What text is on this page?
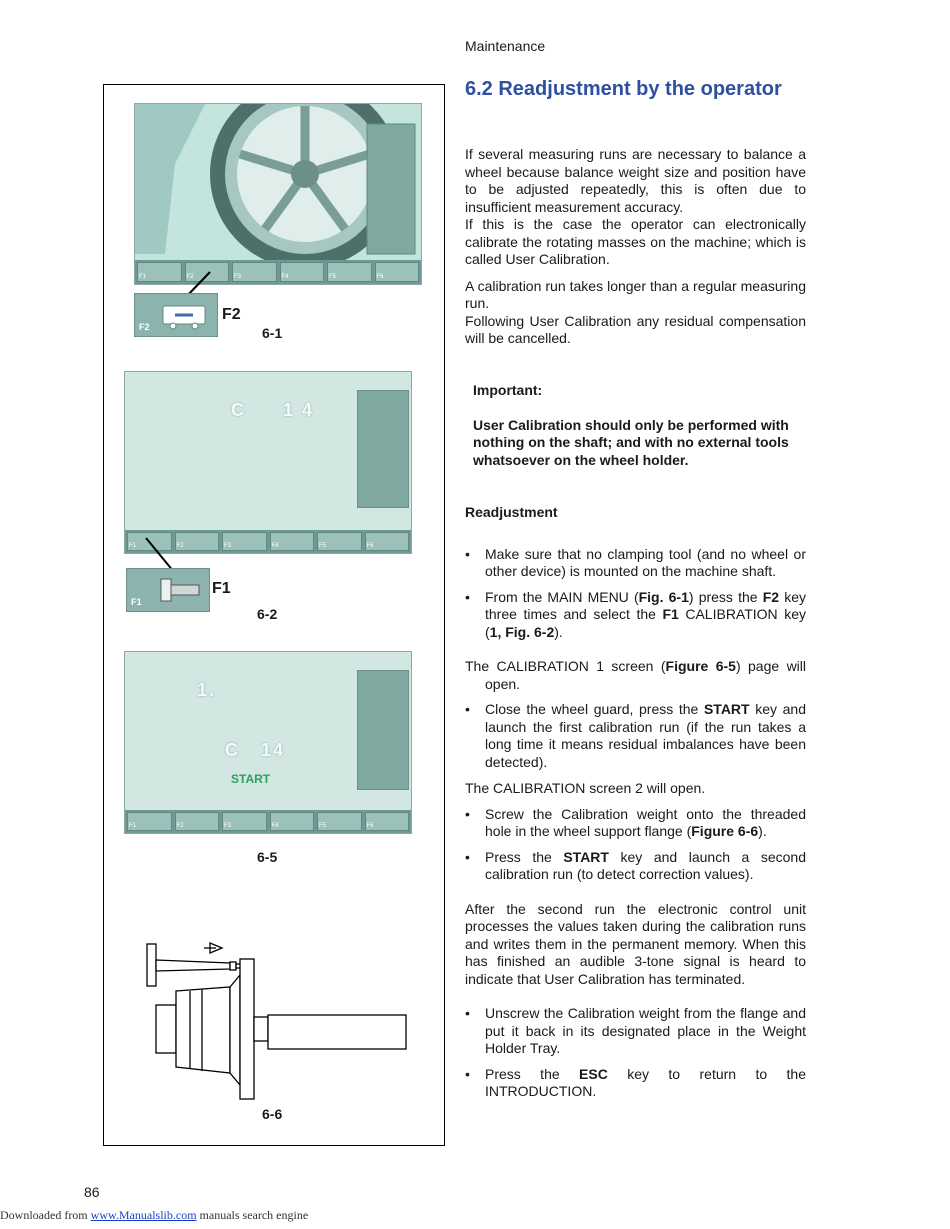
Maintenance
6.2 Readjustment by the operator

If several measuring runs are necessary to balance a wheel because balance weight size and position have to be adjusted repeatedly, this is often due to insufficient measurement accuracy.

If this is the case the operator can electronically calibrate the rotating masses on the machine; which is called User Calibration.

A calibration run takes longer than a regular measuring run.

Following User Calibration any residual compensation will be cancelled.

Important:
User Calibration should only be performed with nothing on the shaft; and with no external tools whatsoever on the wheel holder.
Readjustment
• Make sure that no clamping tool (and no wheel or other device) is mounted on the machine shaft.
• From the MAIN MENU (Fig. 6-1) press the F2 key three times and select the F1 CALIBRATION key (1, Fig. 6-2).

The CALIBRATION 1 screen (Figure 6-5) page will open.

• Close the wheel guard, press the START key and launch the first calibration run (if the run takes a long time it means residual imbalances have been detected).

The CALIBRATION screen 2 will open.

• Screw the Calibration weight onto the threaded hole in the wheel support flange (Figure 6-6).
• Press the START key and launch a second calibration run (to detect correction values).

After the second run the electronic control unit processes the values taken during the calibration runs and writes them in the permanent memory. When this has finished an audible 3-tone signal is heard to indicate that User Calibration has terminated.

• Unscrew the Calibration weight from the flange and put it back in its designated place in the Weight Holder Tray.
• Press the ESC key to return to the INTRODUCTION.
F1	F2	F3	F4	F5	F6
F2
F2
6-1
C 1 4
F1	F2	F3	F4	F5	F6
F1
F1
6-2
1.
C 14
START
F1	F2	F3	F4	F5	F6
6-5
6-6
86
Downloaded from www.Manualslib.com manuals search engine
